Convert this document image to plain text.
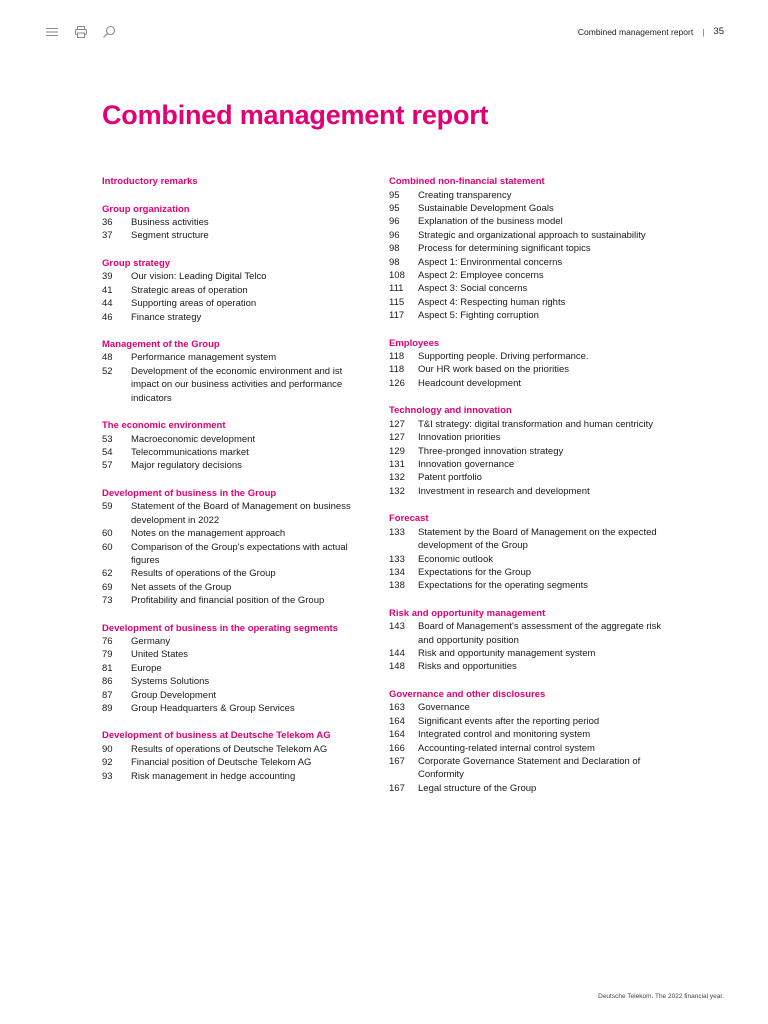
Combined management report | 35
Combined management report
Introductory remarks
Group organization
36	Business activities
37	Segment structure
Group strategy
39	Our vision: Leading Digital Telco
41	Strategic areas of operation
44	Supporting areas of operation
46	Finance strategy
Management of the Group
48	Performance management system
52	Development of the economic environment and ist impact on our business activities and performance indicators
The economic environment
53	Macroeconomic development
54	Telecommunications market
57	Major regulatory decisions
Development of business in the Group
59	Statement of the Board of Management on business development in 2022
60	Notes on the management approach
60	Comparison of the Group's expectations with actual figures
62	Results of operations of the Group
69	Net assets of the Group
73	Profitability and financial position of the Group
Development of business in the operating segments
76	Germany
79	United States
81	Europe
86	Systems Solutions
87	Group Development
89	Group Headquarters & Group Services
Development of business at Deutsche Telekom AG
90	Results of operations of Deutsche Telekom AG
92	Financial position of Deutsche Telekom AG
93	Risk management in hedge accounting
Combined non-financial statement
95	Creating transparency
95	Sustainable Development Goals
96	Explanation of the business model
96	Strategic and organizational approach to sustainability
98	Process for determining significant topics
98	Aspect 1: Environmental concerns
108	Aspect 2: Employee concerns
111	Aspect 3: Social concerns
115	Aspect 4: Respecting human rights
117	Aspect 5: Fighting corruption
Employees
118	Supporting people. Driving performance.
118	Our HR work based on the priorities
126	Headcount development
Technology and innovation
127	T&I strategy: digital transformation and human centricity
127	Innovation priorities
129	Three-pronged innovation strategy
131	Innovation governance
132	Patent portfolio
132	Investment in research and development
Forecast
133	Statement by the Board of Management on the expected development of the Group
133	Economic outlook
134	Expectations for the Group
138	Expectations for the operating segments
Risk and opportunity management
143	Board of Management's assessment of the aggregate risk and opportunity position
144	Risk and opportunity management system
148	Risks and opportunities
Governance and other disclosures
163	Governance
164	Significant events after the reporting period
164	Integrated control and monitoring system
166	Accounting-related internal control system
167	Corporate Governance Statement and Declaration of Conformity
167	Legal structure of the Group
Deutsche Telekom. The 2022 financial year.
